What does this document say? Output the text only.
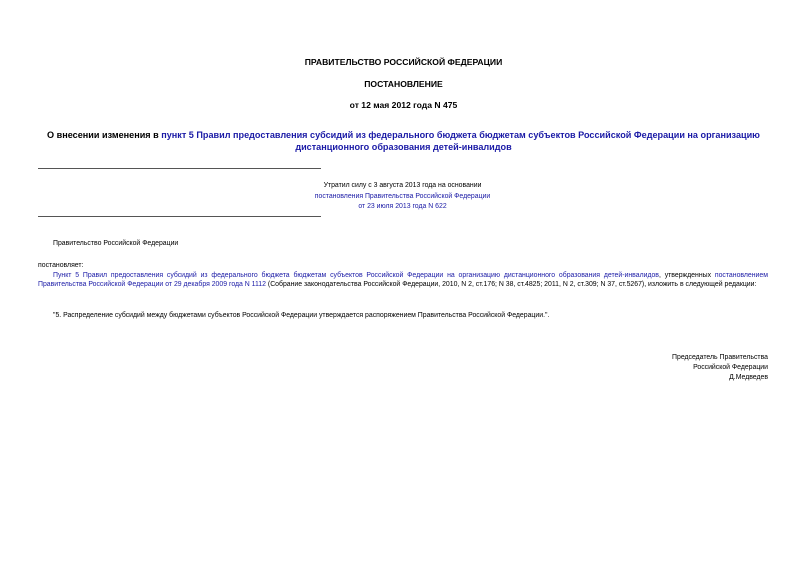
ПРАВИТЕЛЬСТВО РОССИЙСКОЙ ФЕДЕРАЦИИ
ПОСТАНОВЛЕНИЕ
от 12 мая 2012 года N 475
О внесении изменения в пункт 5 Правил предоставления субсидий из федерального бюджета бюджетам субъектов Российской Федерации на организацию дистанционного образования детей-инвалидов
Утратил силу с 3 августа 2013 года на основании
постановления Правительства Российской Федерации
от 23 июля 2013 года N 622
Правительство Российской Федерации
постановляет:
Пункт 5 Правил предоставления субсидий из федерального бюджета бюджетам субъектов Российской Федерации на организацию дистанционного образования детей-инвалидов, утвержденных постановлением Правительства Российской Федерации от 29 декабря 2009 года N 1112 (Собрание законодательства Российской Федерации, 2010, N 2, ст.176; N 38, ст.4825; 2011, N 2, ст.309; N 37, ст.5267), изложить в следующей редакции:
"5. Распределение субсидий между бюджетами субъектов Российской Федерации утверждается распоряжением Правительства Российской Федерации.".
Председатель Правительства
Российской Федерации
Д.Медведев
